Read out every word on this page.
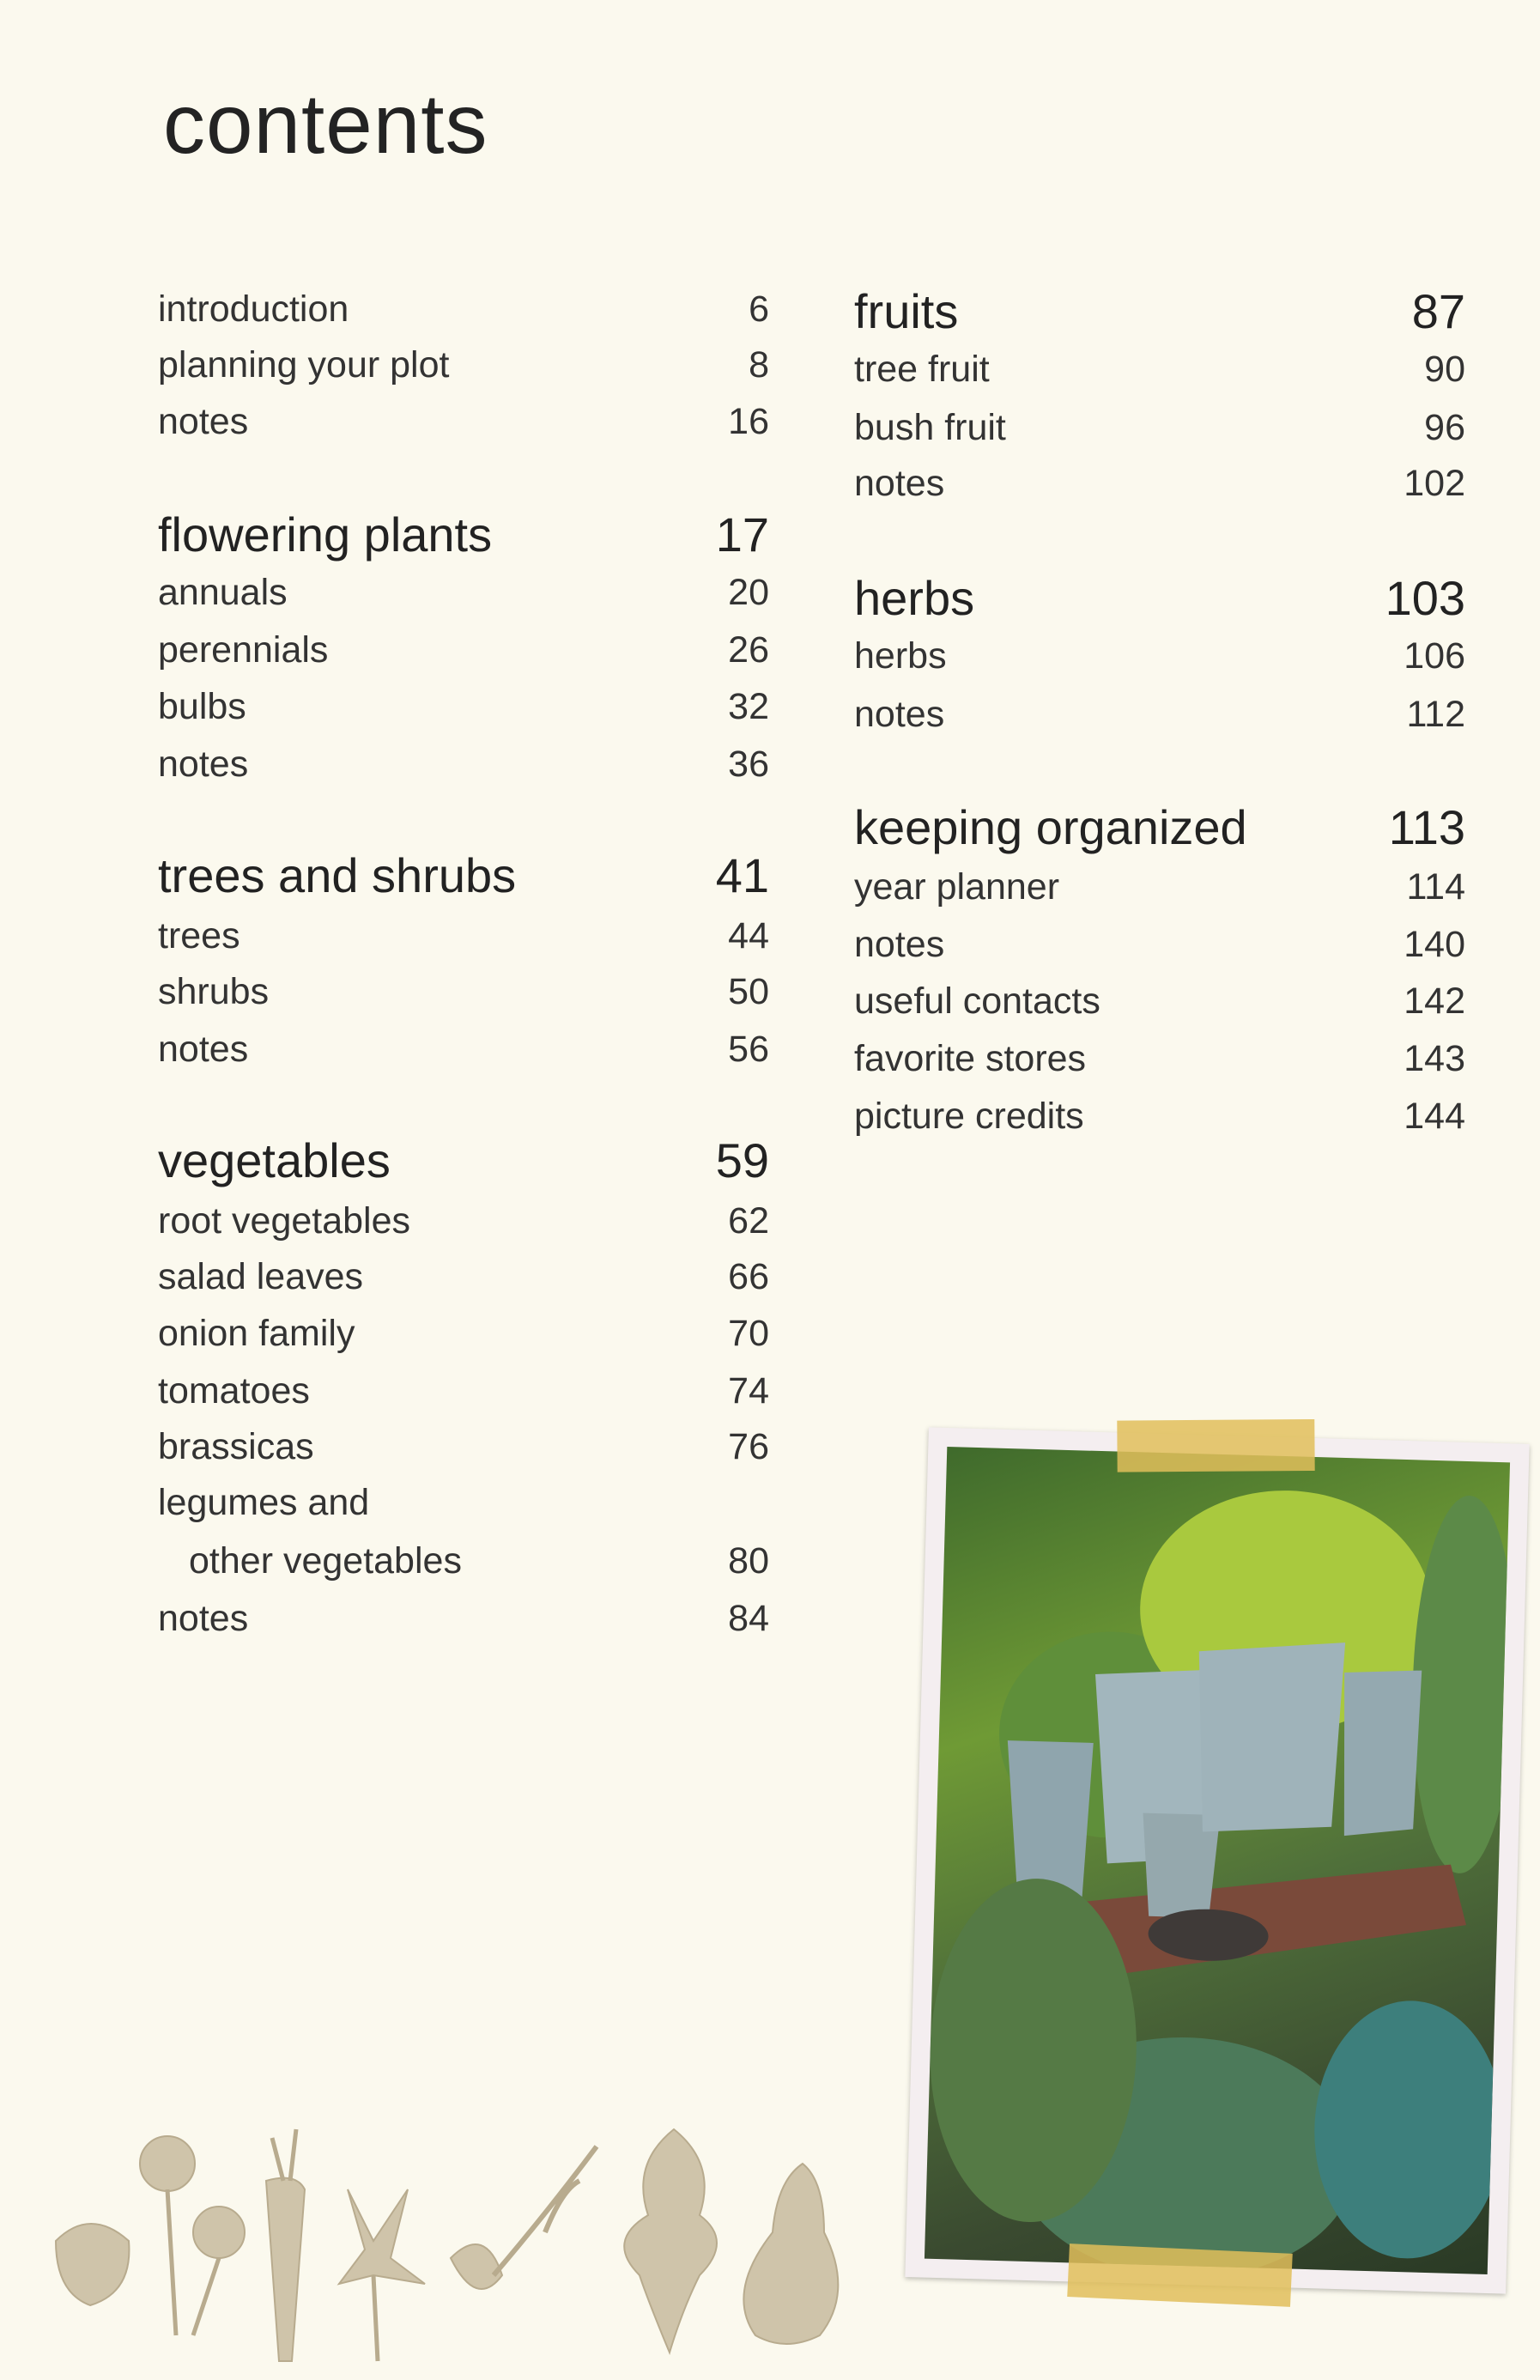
contents
introduction	6
planning your plot	8
notes	16
flowering plants	17
annuals	20
perennials	26
bulbs	32
notes	36
trees and shrubs	41
trees	44
shrubs	50
notes	56
vegetables	59
root vegetables	62
salad leaves	66
onion family	70
tomatoes	74
brassicas	76
legumes and
other vegetables	80
notes	84
fruits	87
tree fruit	90
bush fruit	96
notes	102
herbs	103
herbs	106
notes	112
keeping organized	113
year planner	114
notes	140
useful contacts	142
favorite stores	143
picture credits	144
